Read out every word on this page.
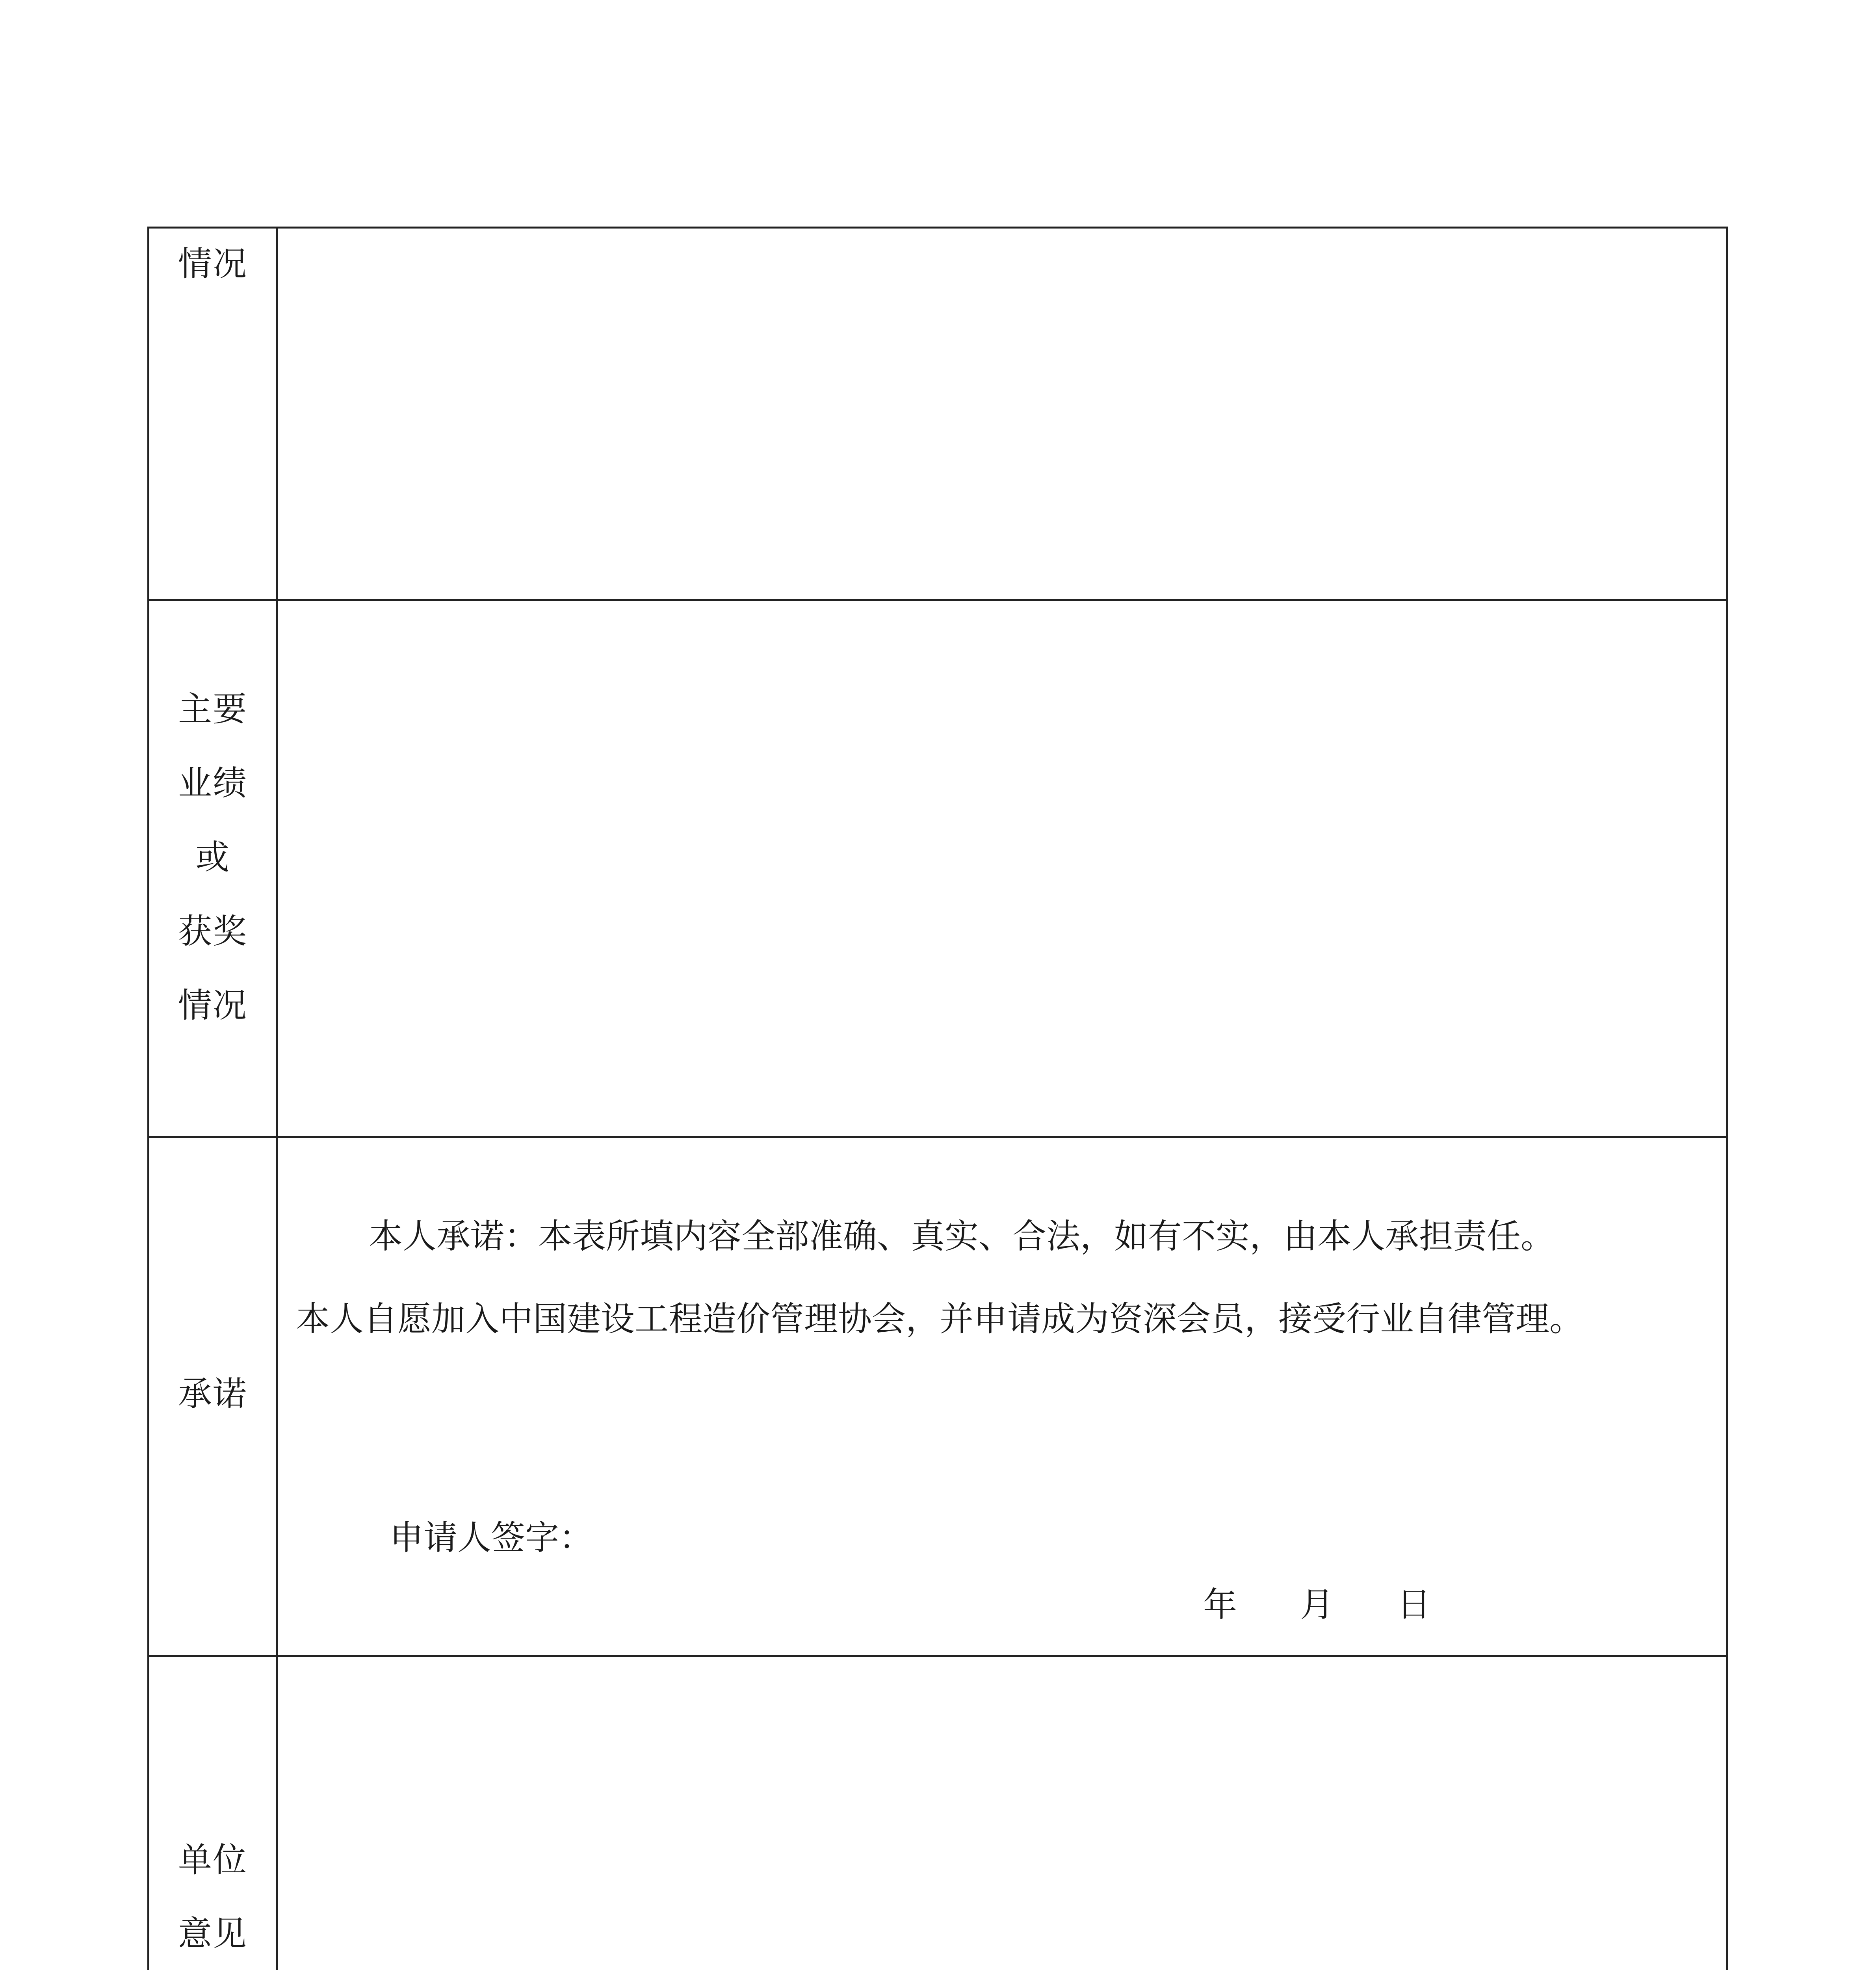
情况
主要
业绩
或
获奖
情况
承诺
本人承诺：本表所填内容全部准确、真实、合法，如有不实，由本人承担责任。
本人自愿加入中国建设工程造价管理协会，并申请成为资深会员，接受行业自律管理。
申请人签字：
年 月 日
单位
意见
